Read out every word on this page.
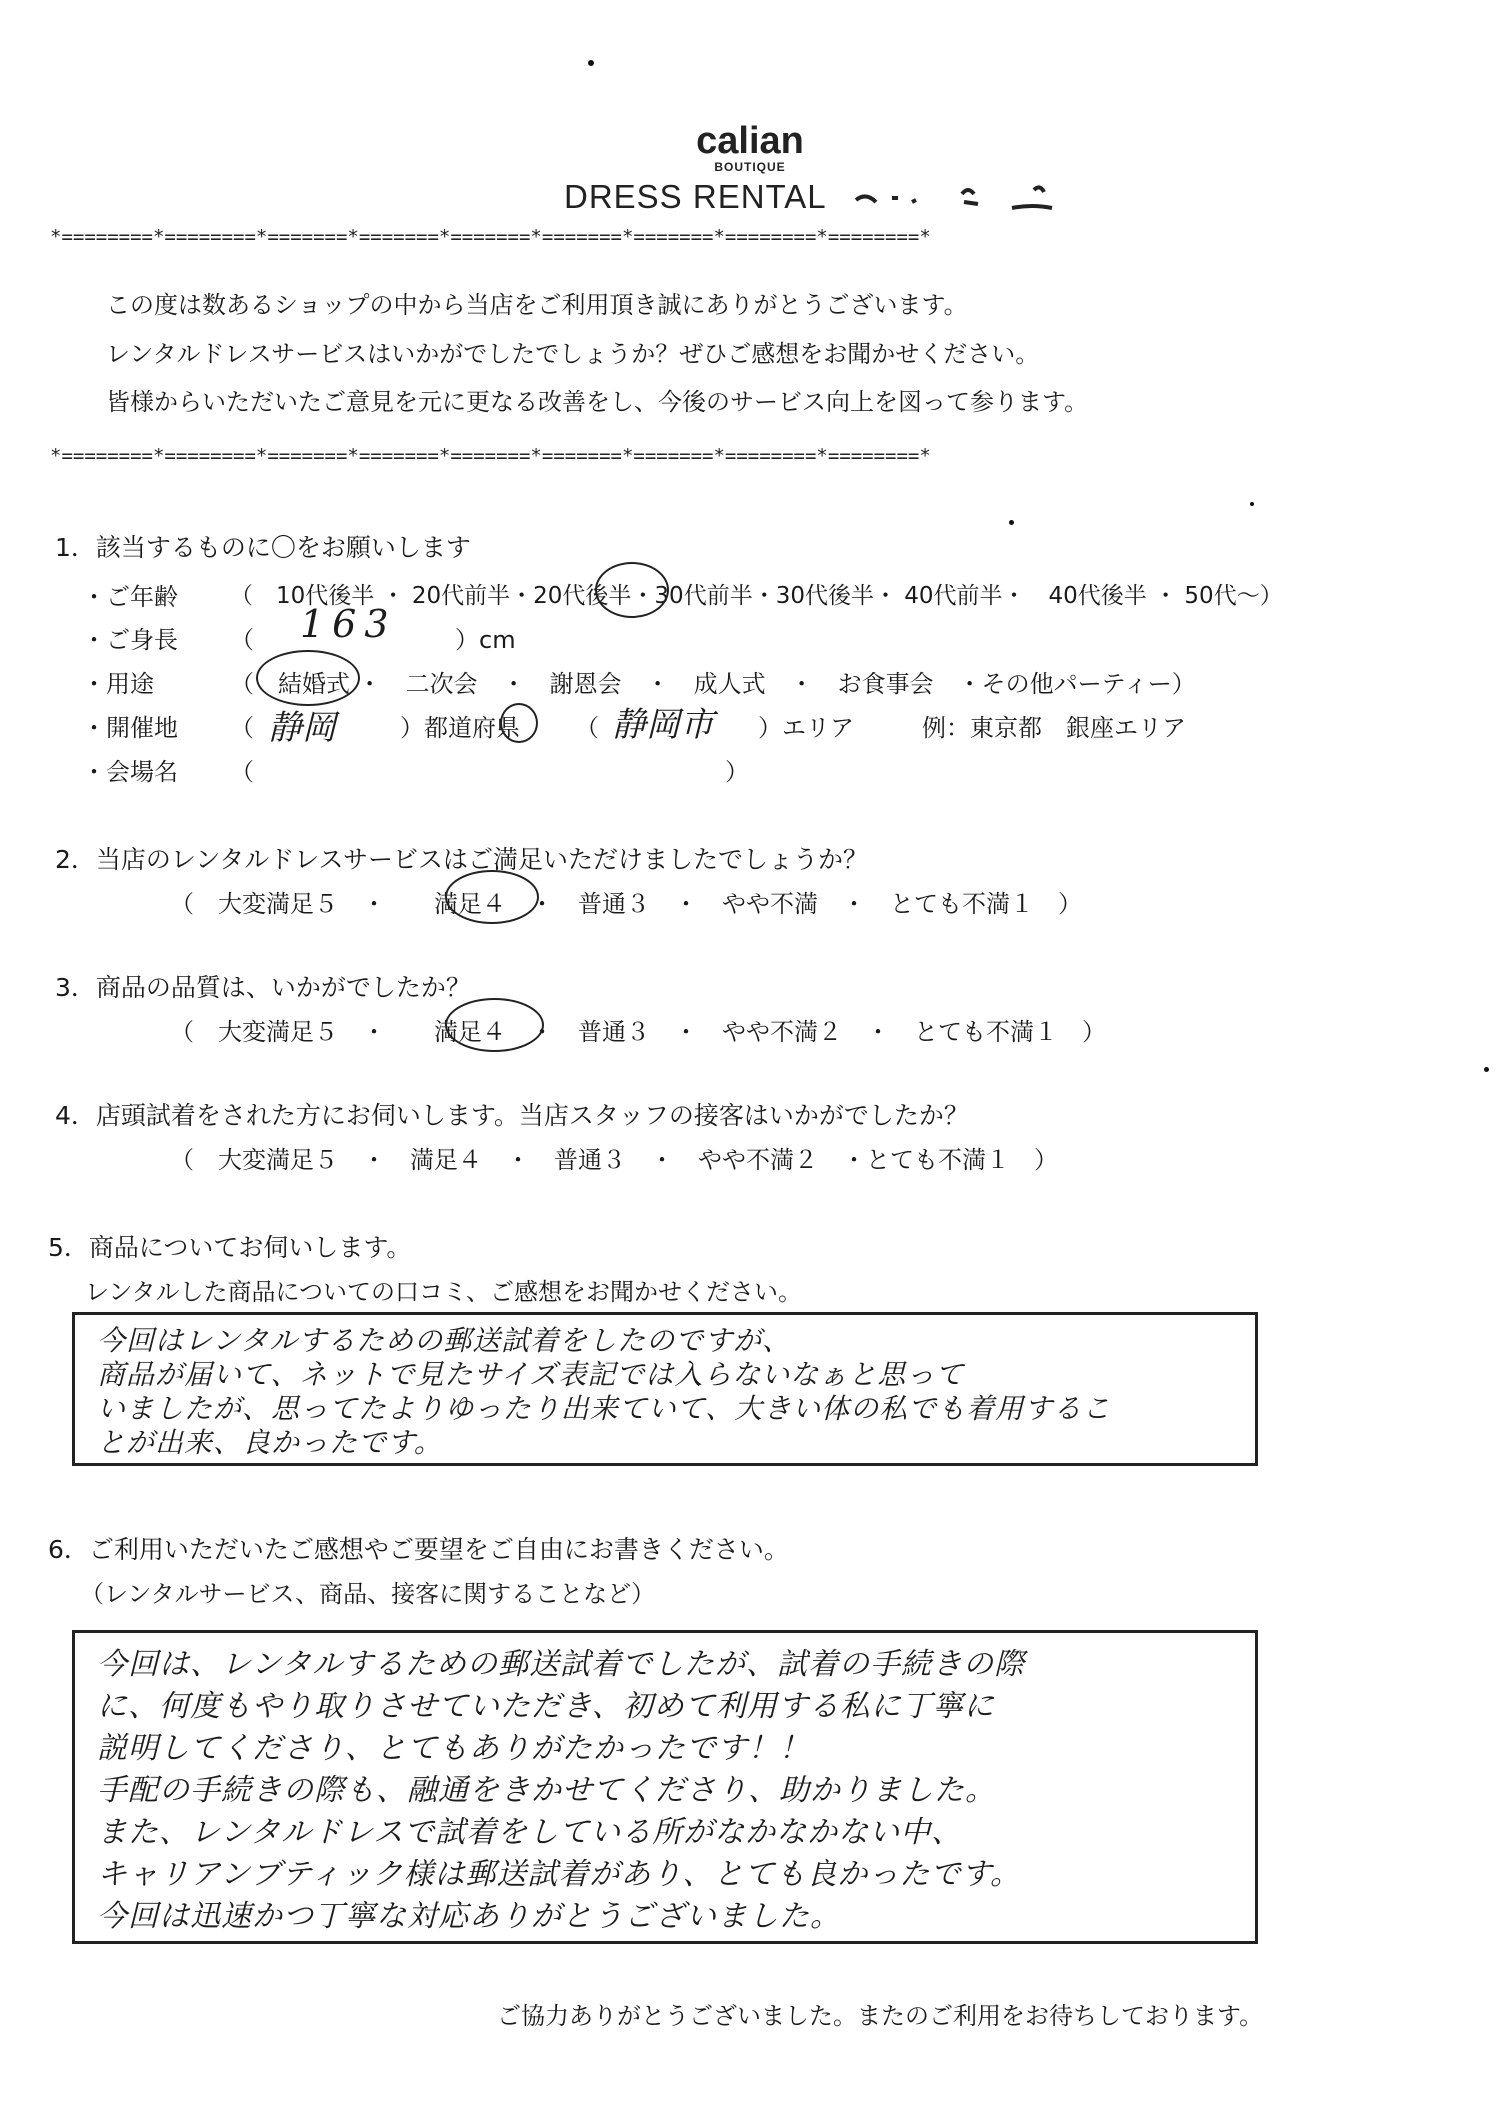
calian
BOUTIQUE
DRESS RENTAL
*========*========*=======*=======*=======*=======*=======*========*========*
この度は数あるショップの中から当店をご利用頂き誠にありがとうございます。
レンタルドレスサービスはいかがでしたでしょうか？ぜひご感想をお聞かせください。
皆様からいただいたご意見を元に更なる改善をし、今後のサービス向上を図って参ります。
*========*========*=======*=======*=======*=======*=======*========*========*
1．該当するものに〇をお願いします
・ご年齢 （　10代後半 ・ 20代前半・20代後半・30代前半・30代後半・ 40代前半・　40代後半 ・ 50代～）
・ご身長 （ 163 ）cm
・用途	（　結婚式 ・　二次会　・　謝恩会　・　成人式　・　お食事会　・その他パーティー）
・開催地 （ 静岡	）都道府県 （ 静岡市 ）エリア	例：東京都　銀座エリア
・会場名 （	）
2．当店のレンタルドレスサービスはご満足いただけましたでしょうか？
（　大変満足５　・　　満足４　・　普通３　・　やや不満　・　とても不満１　）
3．商品の品質は、いかがでしたか？
（　大変満足５　・　　満足４　・　普通３　・　やや不満２　・　とても不満１　）
4．店頭試着をされた方にお伺いします。当店スタッフの接客はいかがでしたか？
（　大変満足５　・　満足４　・　普通３　・　やや不満２　・とても不満１　）
5．商品についてお伺いします。
レンタルした商品についての口コミ、ご感想をお聞かせください。
今回はレンタルするための郵送試着をしたのですが、
商品が届いて、ネットで見たサイズ表記では入らないなぁと思って
いましたが、思ってたよりゆったり出来ていて、大きい体の私でも着用するこ
とが出来、良かったです。
6．ご利用いただいたご感想やご要望をご自由にお書きください。
（レンタルサービス、商品、接客に関することなど）
今回は、レンタルするための郵送試着でしたが、試着の手続きの際
に、何度もやり取りさせていただき、初めて利用する私に丁寧に
説明してくださり、とてもありがたかったです！！
手配の手続きの際も、融通をきかせてくださり、助かりました。
また、レンタルドレスで試着をしている所がなかなかない中、
キャリアンブティック様は郵送試着があり、とても良かったです。
今回は迅速かつ丁寧な対応ありがとうございました。
ご協力ありがとうございました。またのご利用をお待ちしております。
